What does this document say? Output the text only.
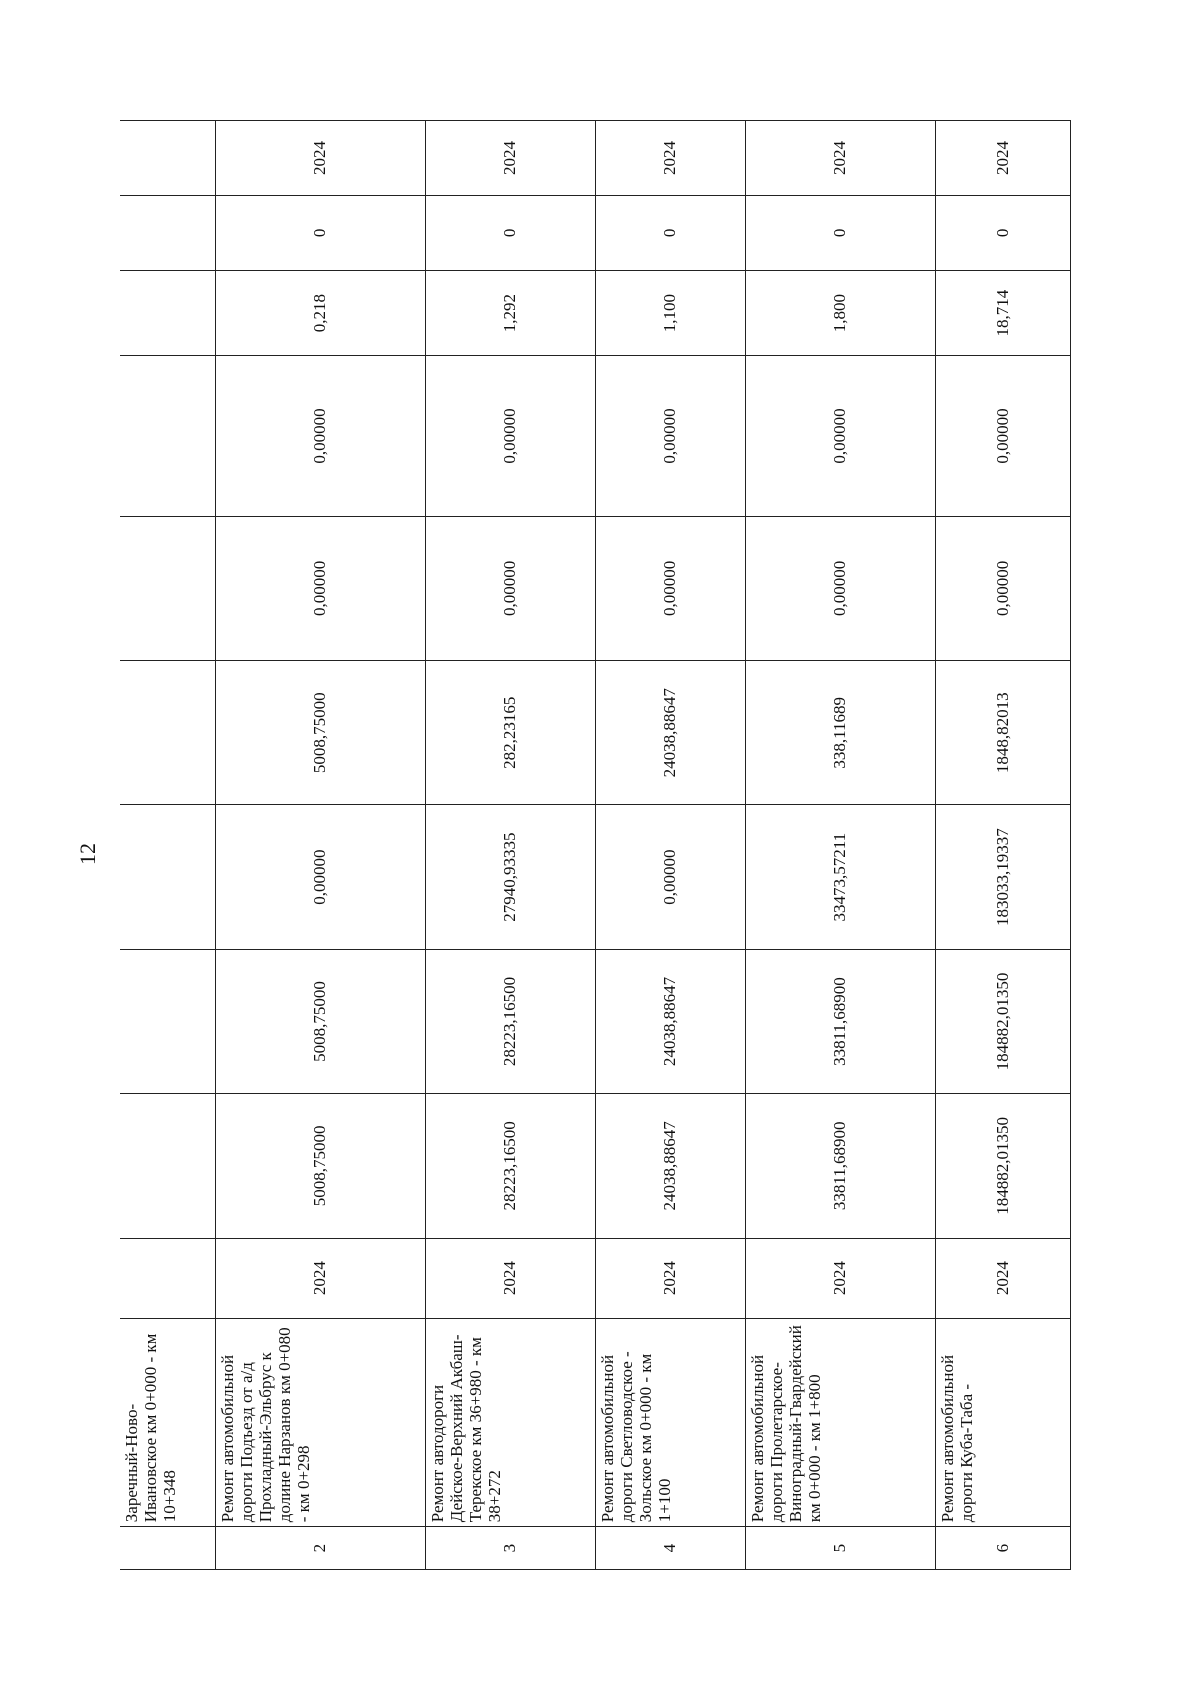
12
	Заречный-Ново-Ивановское км 0+000 - км 10+348										
2	Ремонт автомобильной дороги Подъезд от а/д Прохладный-Эльбрус к долине Нарзанов км 0+080 - км 0+298	2024	5008,75000	5008,75000	0,00000	5008,75000	0,00000	0,00000	0,218	0	2024
3	Ремонт автодороги Дейское-Верхний Акбаш-Терекское км 36+980 - км 38+272	2024	28223,16500	28223,16500	27940,93335	282,23165	0,00000	0,00000	1,292	0	2024
4	Ремонт автомобильной дороги Светловодское - Зольское км 0+000 - км 1+100	2024	24038,88647	24038,88647	0,00000	24038,88647	0,00000	0,00000	1,100	0	2024
5	Ремонт автомобильной дороги Пролетарское-Виноградный-Гвардейский км 0+000 - км 1+800	2024	33811,68900	33811,68900	33473,57211	338,11689	0,00000	0,00000	1,800	0	2024
6	Ремонт автомобильной дороги Куба-Таба -	2024	184882,01350	184882,01350	183033,19337	1848,82013	0,00000	0,00000	18,714	0	2024
